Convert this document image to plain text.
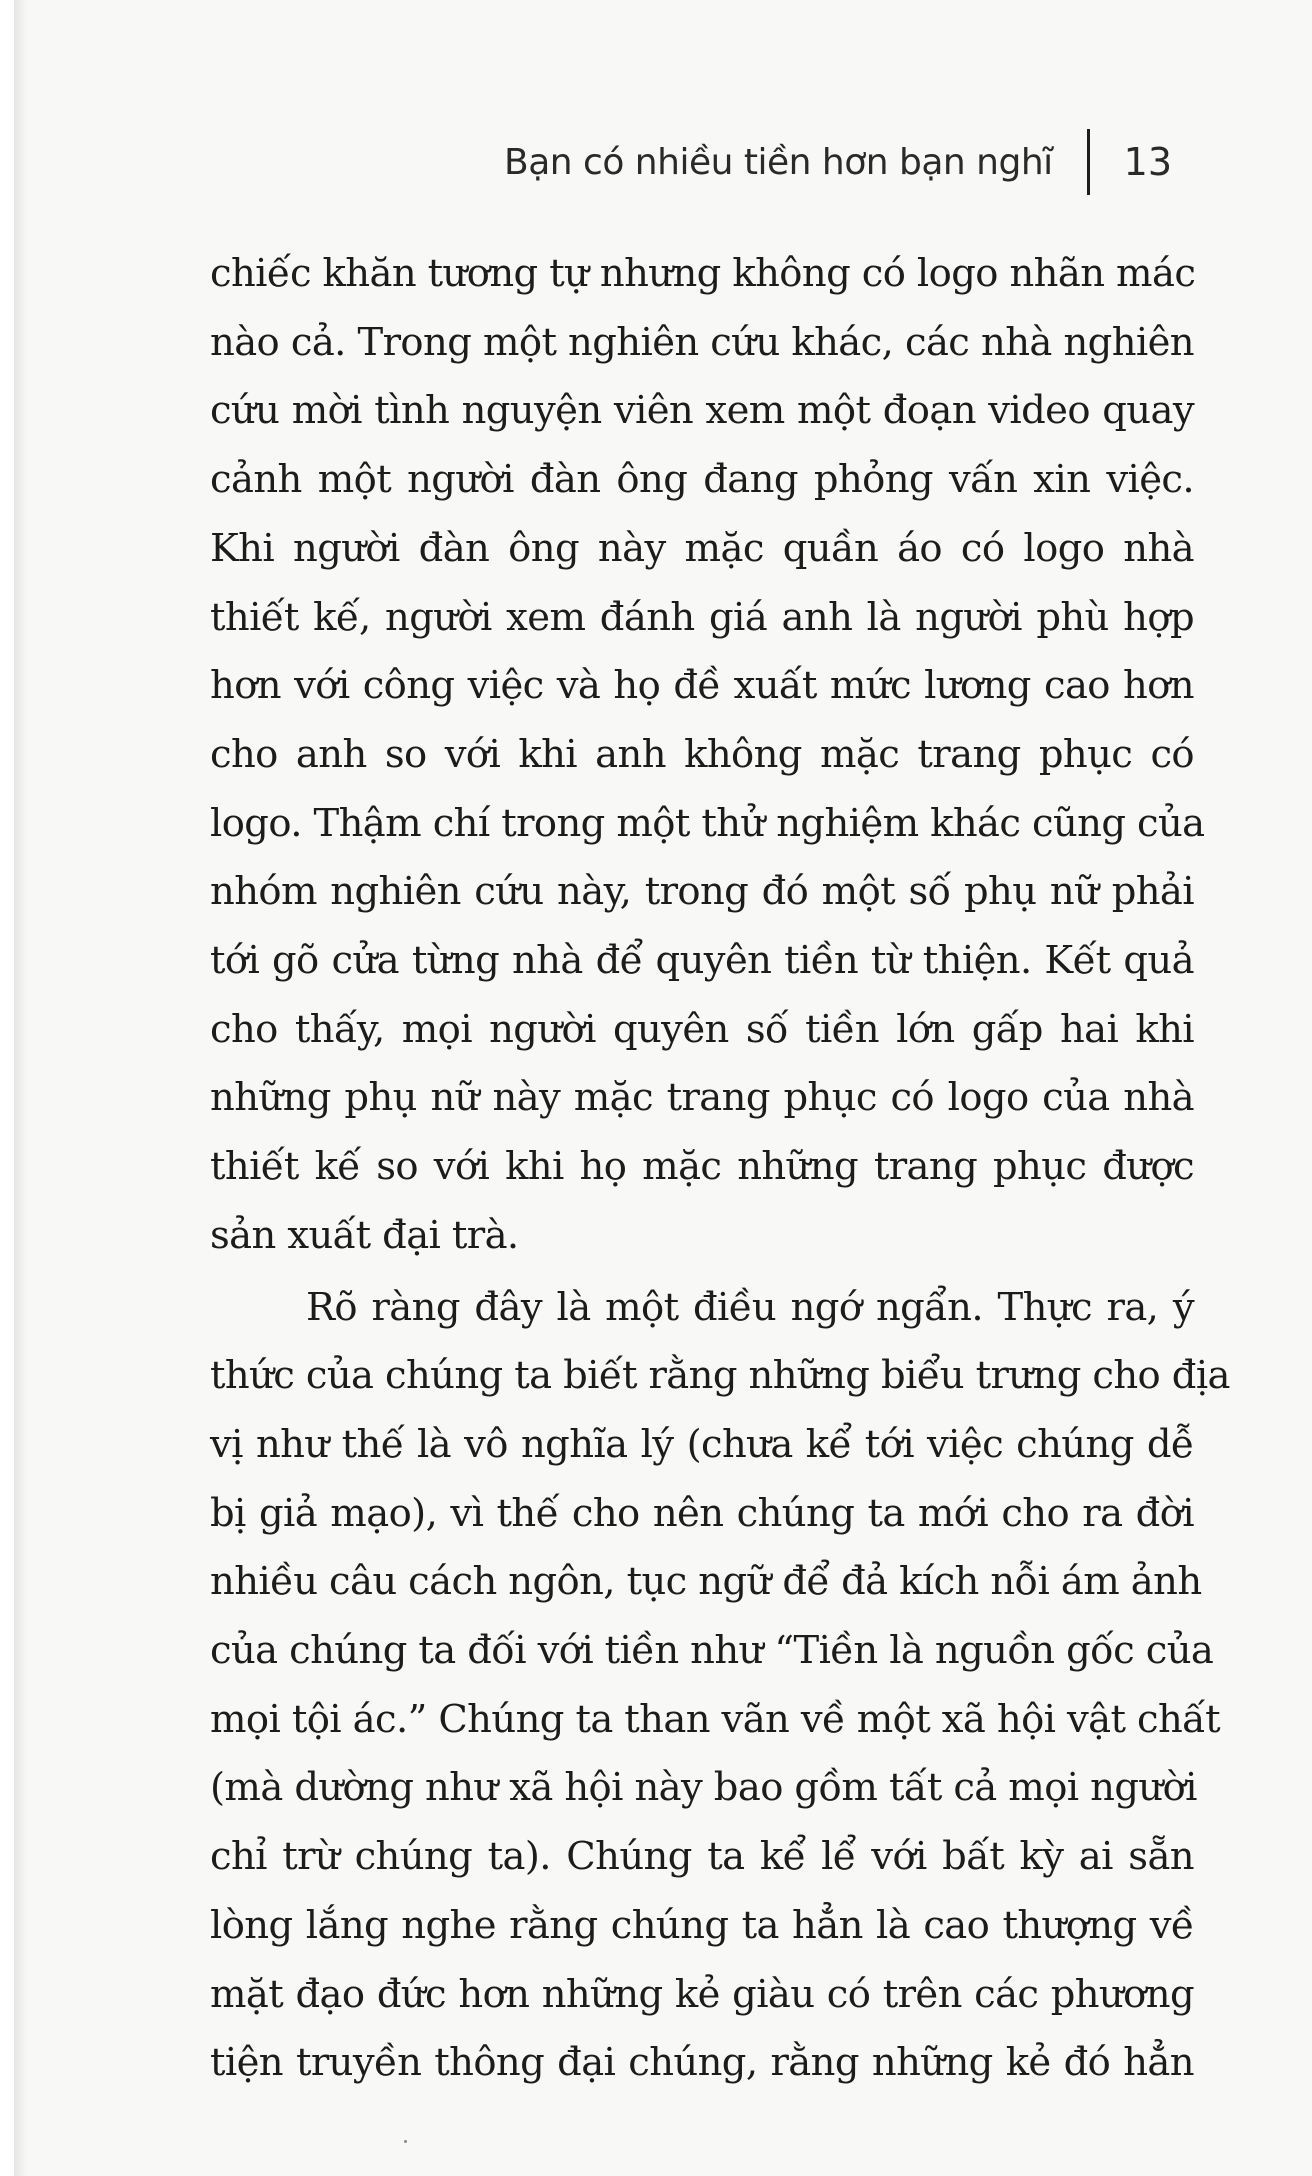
Bạn có nhiều tiền hơn bạn nghĩ 13

chiếc khăn tương tự nhưng không có logo nhãn mác
nào cả. Trong một nghiên cứu khác, các nhà nghiên
cứu mời tình nguyện viên xem một đoạn video quay
cảnh một người đàn ông đang phỏng vấn xin việc.
Khi người đàn ông này mặc quần áo có logo nhà
thiết kế, người xem đánh giá anh là người phù hợp
hơn với công việc và họ đề xuất mức lương cao hơn
cho anh so với khi anh không mặc trang phục có
logo. Thậm chí trong một thử nghiệm khác cũng của
nhóm nghiên cứu này, trong đó một số phụ nữ phải
tới gõ cửa từng nhà để quyên tiền từ thiện. Kết quả
cho thấy, mọi người quyên số tiền lớn gấp hai khi
những phụ nữ này mặc trang phục có logo của nhà
thiết kế so với khi họ mặc những trang phục được
sản xuất đại trà.

Rõ ràng đây là một điều ngớ ngẩn. Thực ra, ý
thức của chúng ta biết rằng những biểu trưng cho địa
vị như thế là vô nghĩa lý (chưa kể tới việc chúng dễ
bị giả mạo), vì thế cho nên chúng ta mới cho ra đời
nhiều câu cách ngôn, tục ngữ để đả kích nỗi ám ảnh
của chúng ta đối với tiền như “Tiền là nguồn gốc của
mọi tội ác.” Chúng ta than vãn về một xã hội vật chất
(mà dường như xã hội này bao gồm tất cả mọi người
chỉ trừ chúng ta). Chúng ta kể lể với bất kỳ ai sẵn
lòng lắng nghe rằng chúng ta hẳn là cao thượng về
mặt đạo đức hơn những kẻ giàu có trên các phương
tiện truyền thông đại chúng, rằng những kẻ đó hẳn
